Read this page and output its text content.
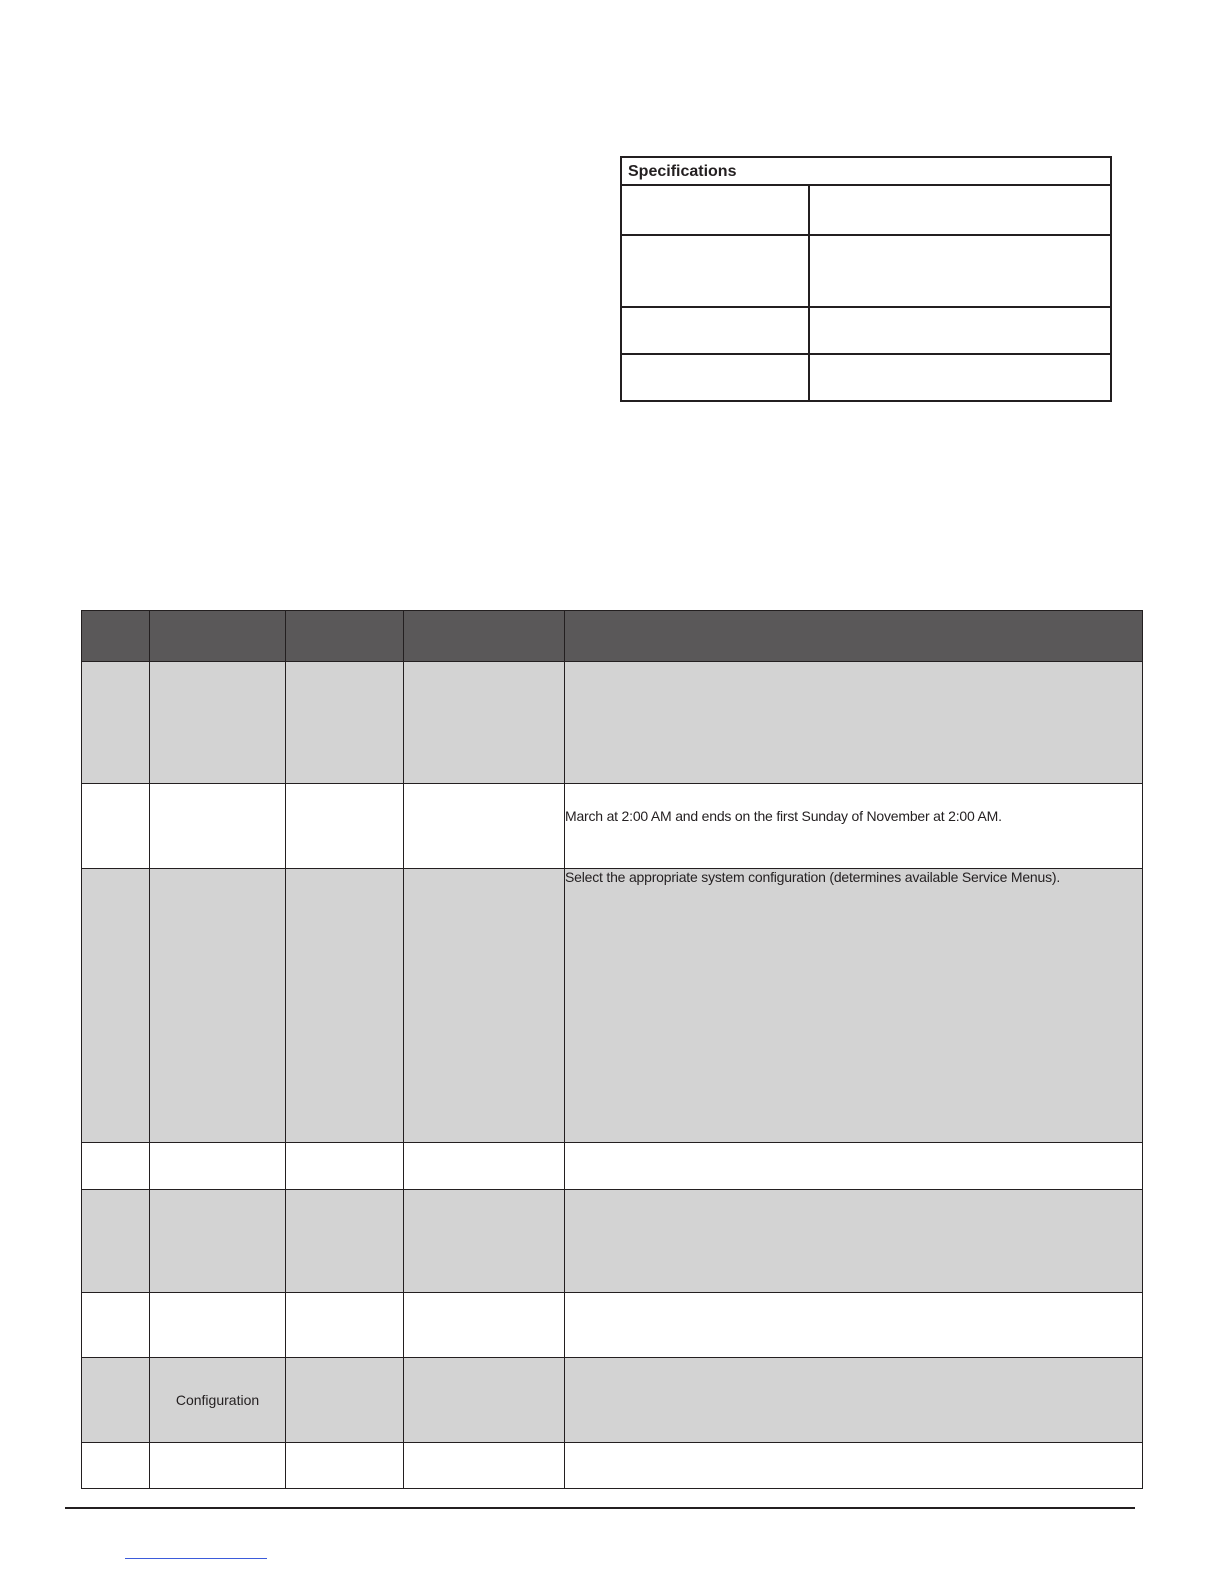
Specifications

				March at 2:00 AM and ends on the first Sunday of November at 2:00 AM.
				Select the appropriate system configuration (determines available Service Menus).

	Configuration			
